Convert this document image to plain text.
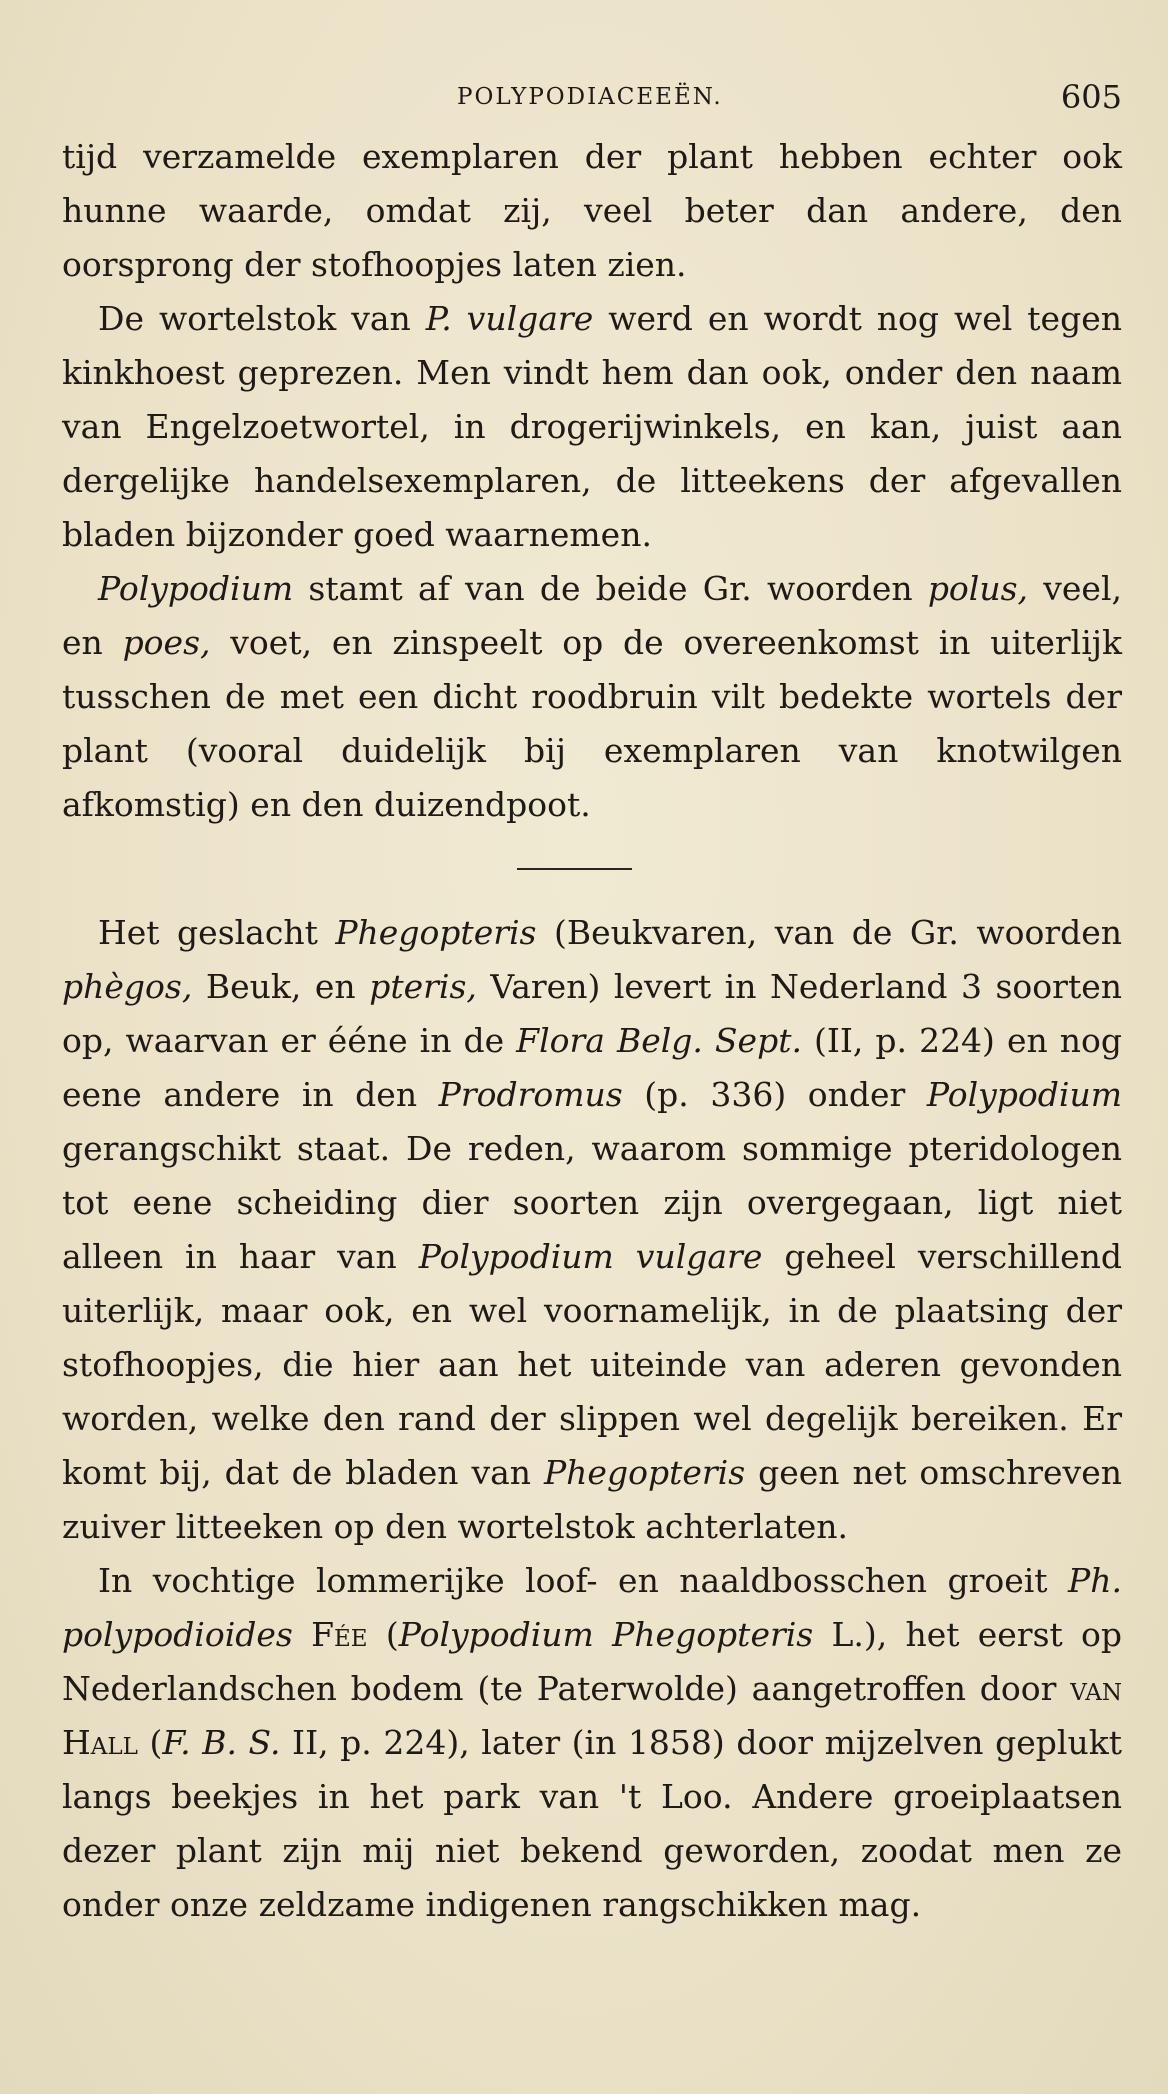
POLYPODIACEEËN.	605

tijd verzamelde exemplaren der plant hebben echter ook hunne waarde, omdat zij, veel beter dan andere, den oorsprong der stofhoopjes laten zien.

De wortelstok van P. vulgare werd en wordt nog wel tegen kinkhoest geprezen. Men vindt hem dan ook, onder den naam van Engelzoetwortel, in drogerijwinkels, en kan, juist aan dergelijke handelsexemplaren, de litteekens der afgevallen bladen bijzonder goed waarnemen.

Polypodium stamt af van de beide Gr. woorden polus, veel, en poes, voet, en zinspeelt op de overeenkomst in uiterlijk tusschen de met een dicht roodbruin vilt bedekte wortels der plant (vooral duidelijk bij exemplaren van knotwilgen afkomstig) en den duizendpoot.

Het geslacht Phegopteris (Beukvaren, van de Gr. woorden phègos, Beuk, en pteris, Varen) levert in Nederland 3 soorten op, waarvan er ééne in de Flora Belg. Sept. (II, p. 224) en nog eene andere in den Prodromus (p. 336) onder Polypodium gerangschikt staat. De reden, waarom sommige pteridologen tot eene scheiding dier soorten zijn overgegaan, ligt niet alleen in haar van Polypodium vulgare geheel verschillend uiterlijk, maar ook, en wel voornamelijk, in de plaatsing der stofhoopjes, die hier aan het uiteinde van aderen gevonden worden, welke den rand der slippen wel degelijk bereiken. Er komt bij, dat de bladen van Phegopteris geen net omschreven zuiver litteeken op den wortelstok achterlaten.

In vochtige lommerijke loof- en naaldbosschen groeit Ph. polypodioides Fée (Polypodium Phegopteris L.), het eerst op Nederlandschen bodem (te Paterwolde) aangetroffen door van Hall (F. B. S. II, p. 224), later (in 1858) door mijzelven geplukt langs beekjes in het park van 't Loo. Andere groeiplaatsen dezer plant zijn mij niet bekend geworden, zoodat men ze onder onze zeldzame indigenen rangschikken mag.
